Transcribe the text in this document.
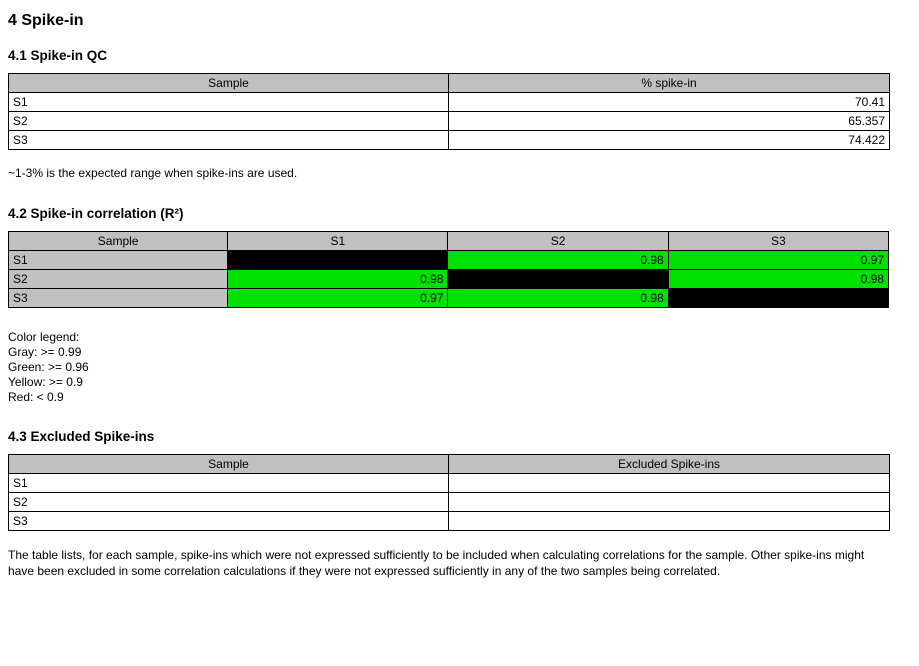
4 Spike-in
4.1 Spike-in QC
Sample	% spike-in
S1	70.41
S2	65.357
S3	74.422

~1-3% is the expected range when spike-ins are used.

4.2 Spike-in correlation (R²)
Sample	S1	S2	S3
S1		0.98	0.97
S2	0.98		0.98
S3	0.97	0.98	
Color legend:
Gray: >= 0.99
Green: >= 0.96
Yellow: >= 0.9
Red: < 0.9
4.3 Excluded Spike-ins
Sample	Excluded Spike-ins
S1	
S2	
S3	

The table lists, for each sample, spike-ins which were not expressed sufficiently to be included when calculating correlations for the sample. Other spike-ins might have been excluded in some correlation calculations if they were not expressed sufficiently in any of the two samples being correlated.
